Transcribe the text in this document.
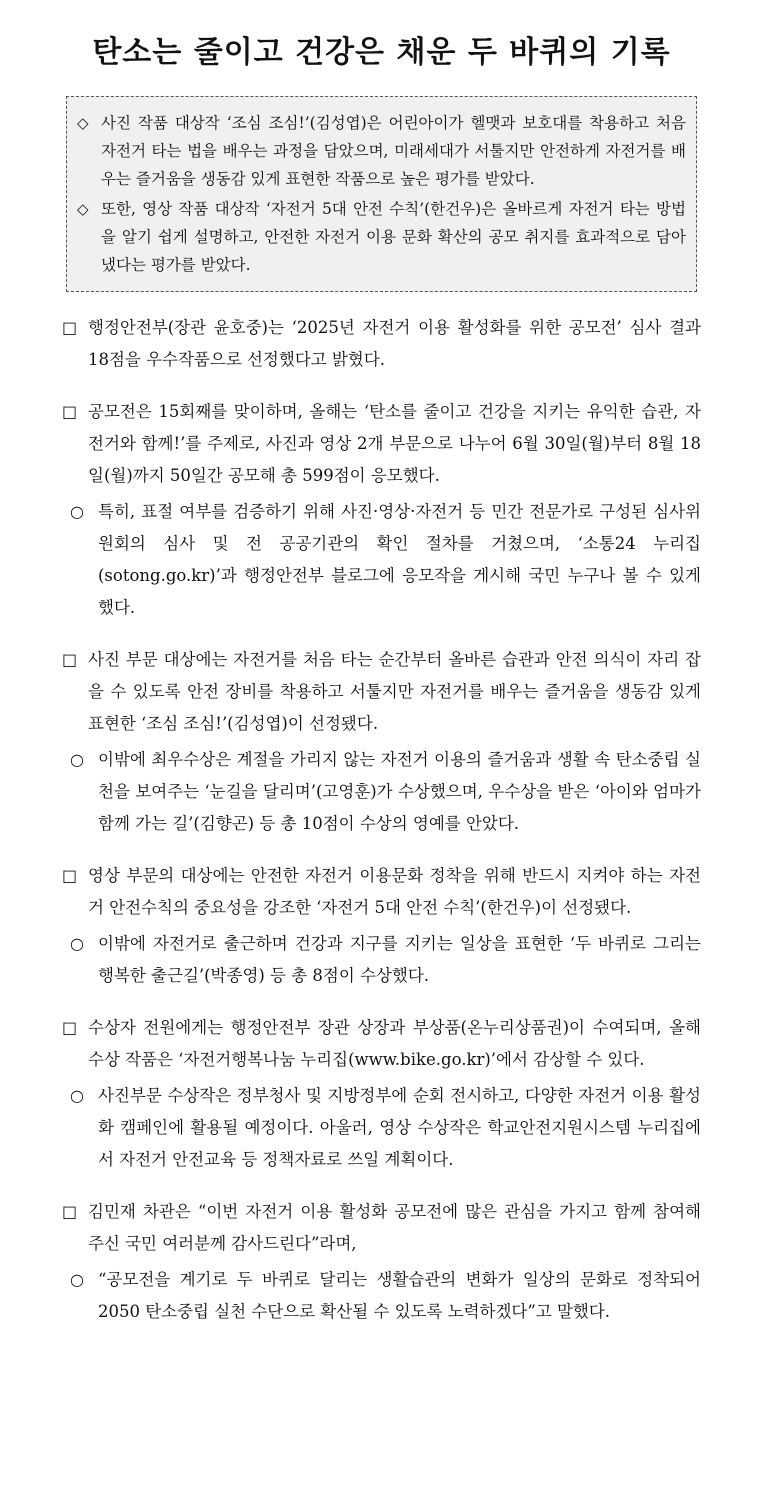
탄소는 줄이고 건강은 채운 두 바퀴의 기록
◇ 사진 작품 대상작 ‘조심 조심!’(김성엽)은 어린아이가 헬맷과 보호대를 착용하고 처음 자전거 타는 법을 배우는 과정을 담았으며, 미래세대가 서툴지만 안전하게 자전거를 배우는 즐거움을 생동감 있게 표현한 작품으로 높은 평가를 받았다.
◇ 또한, 영상 작품 대상작 ‘자전거 5대 안전 수칙’(한건우)은 올바르게 자전거 타는 방법을 알기 쉽게 설명하고, 안전한 자전거 이용 문화 확산의 공모 취지를 효과적으로 담아냈다는 평가를 받았다.
□ 행정안전부(장관 윤호중)는 ‘2025년 자전거 이용 활성화를 위한 공모전’ 심사 결과 18점을 우수작품으로 선정했다고 밝혔다.
□ 공모전은 15회째를 맞이하며, 올해는 ‘탄소를 줄이고 건강을 지키는 유익한 습관, 자전거와 함께!’를 주제로, 사진과 영상 2개 부문으로 나누어 6월 30일(월)부터 8월 18일(월)까지 50일간 공모해 총 599점이 응모했다.
○ 특히, 표절 여부를 검증하기 위해 사진·영상·자전거 등 민간 전문가로 구성된 심사위원회의 심사 및 전 공공기관의 확인 절차를 거쳤으며, ‘소통24 누리집(sotong.go.kr)’과 행정안전부 블로그에 응모작을 게시해 국민 누구나 볼 수 있게 했다.
□ 사진 부문 대상에는 자전거를 처음 타는 순간부터 올바른 습관과 안전 의식이 자리 잡을 수 있도록 안전 장비를 착용하고 서툴지만 자전거를 배우는 즐거움을 생동감 있게 표현한 ‘조심 조심!’(김성엽)이 선정됐다.
○ 이밖에 최우수상은 계절을 가리지 않는 자전거 이용의 즐거움과 생활 속 탄소중립 실천을 보여주는 ‘눈길을 달리며’(고영훈)가 수상했으며, 우수상을 받은 ‘아이와 엄마가 함께 가는 길’(김향곤) 등 총 10점이 수상의 영예를 안았다.
□ 영상 부문의 대상에는 안전한 자전거 이용문화 정착을 위해 반드시 지켜야 하는 자전거 안전수칙의 중요성을 강조한 ‘자전거 5대 안전 수칙’(한건우)이 선정됐다.
○ 이밖에 자전거로 출근하며 건강과 지구를 지키는 일상을 표현한 ‘두 바퀴로 그리는 행복한 출근길’(박종영) 등 총 8점이 수상했다.
□ 수상자 전원에게는 행정안전부 장관 상장과 부상품(온누리상품권)이 수여되며, 올해 수상 작품은 ‘자전거행복나눔 누리집(www.bike.go.kr)’에서 감상할 수 있다.
○ 사진부문 수상작은 정부청사 및 지방정부에 순회 전시하고, 다양한 자전거 이용 활성화 캠페인에 활용될 예정이다. 아울러, 영상 수상작은 학교안전지원시스템 누리집에서 자전거 안전교육 등 정책자료로 쓰일 계획이다.
□ 김민재 차관은 “이번 자전거 이용 활성화 공모전에 많은 관심을 가지고 함께 참여해 주신 국민 여러분께 감사드린다”라며,
○ “공모전을 계기로 두 바퀴로 달리는 생활습관의 변화가 일상의 문화로 정착되어 2050 탄소중립 실천 수단으로 확산될 수 있도록 노력하겠다”고 말했다.
